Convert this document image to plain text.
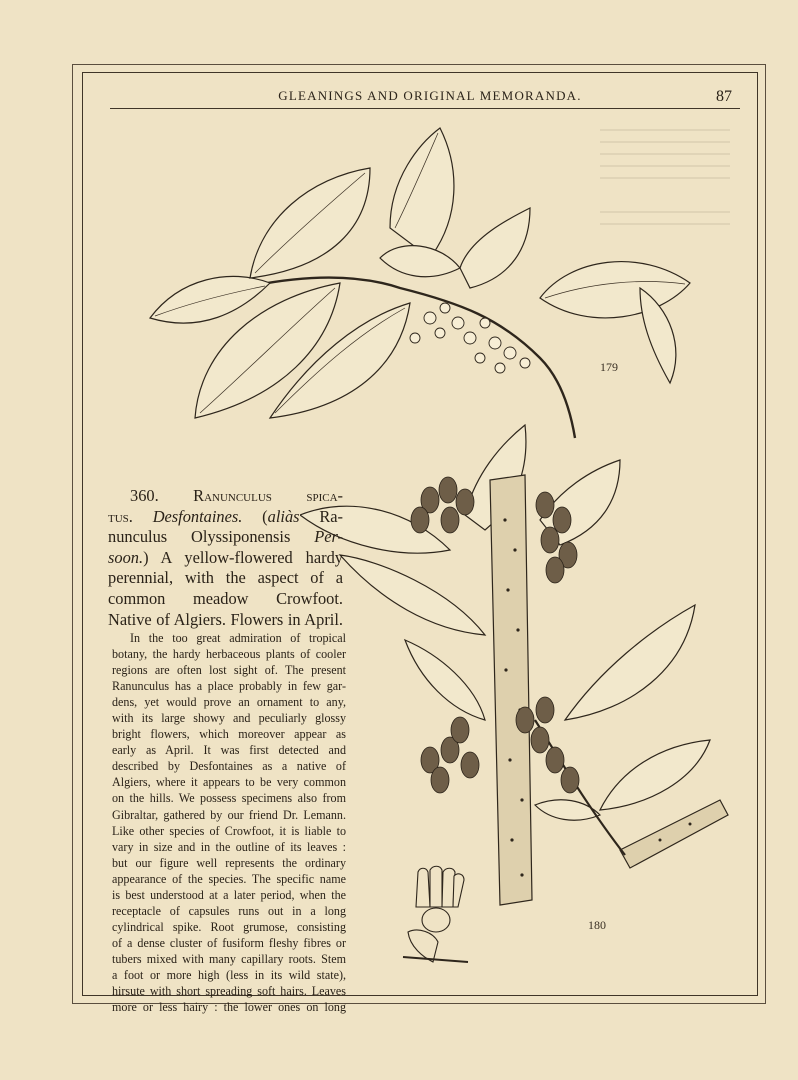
GLEANINGS AND ORIGINAL MEMORANDA.	87
179
180
360. Ranunculus spica-
tus. Desfontaines. (aliàs Ra-
nunculus Olyssiponensis Per-
soon.) A yellow-flowered hardy
perennial, with the aspect of a
common meadow Crowfoot.
Native of Algiers. Flowers in April.
In the too great admiration of tropical
botany, the hardy herbaceous plants of cooler
regions are often lost sight of. The present
Ranunculus has a place probably in few gar-
dens, yet would prove an ornament to any,
with its large showy and peculiarly glossy
bright flowers, which moreover appear as
early as April. It was first detected and
described by Desfontaines as a native of
Algiers, where it appears to be very common
on the hills. We possess specimens also from
Gibraltar, gathered by our friend Dr. Lemann.
Like other species of Crowfoot, it is liable to
vary in size and in the outline of its leaves :
but our figure well represents the ordinary
appearance of the species. The specific name
is best understood at a later period, when the
receptacle of capsules runs out in a long
cylindrical spike. Root grumose, consisting
of a dense cluster of fusiform fleshy fibres or
tubers mixed with many capillary roots. Stem
a foot or more high (less in its wild state),
hirsute with short spreading soft hairs. Leaves
more or less hairy : the lower ones on long
